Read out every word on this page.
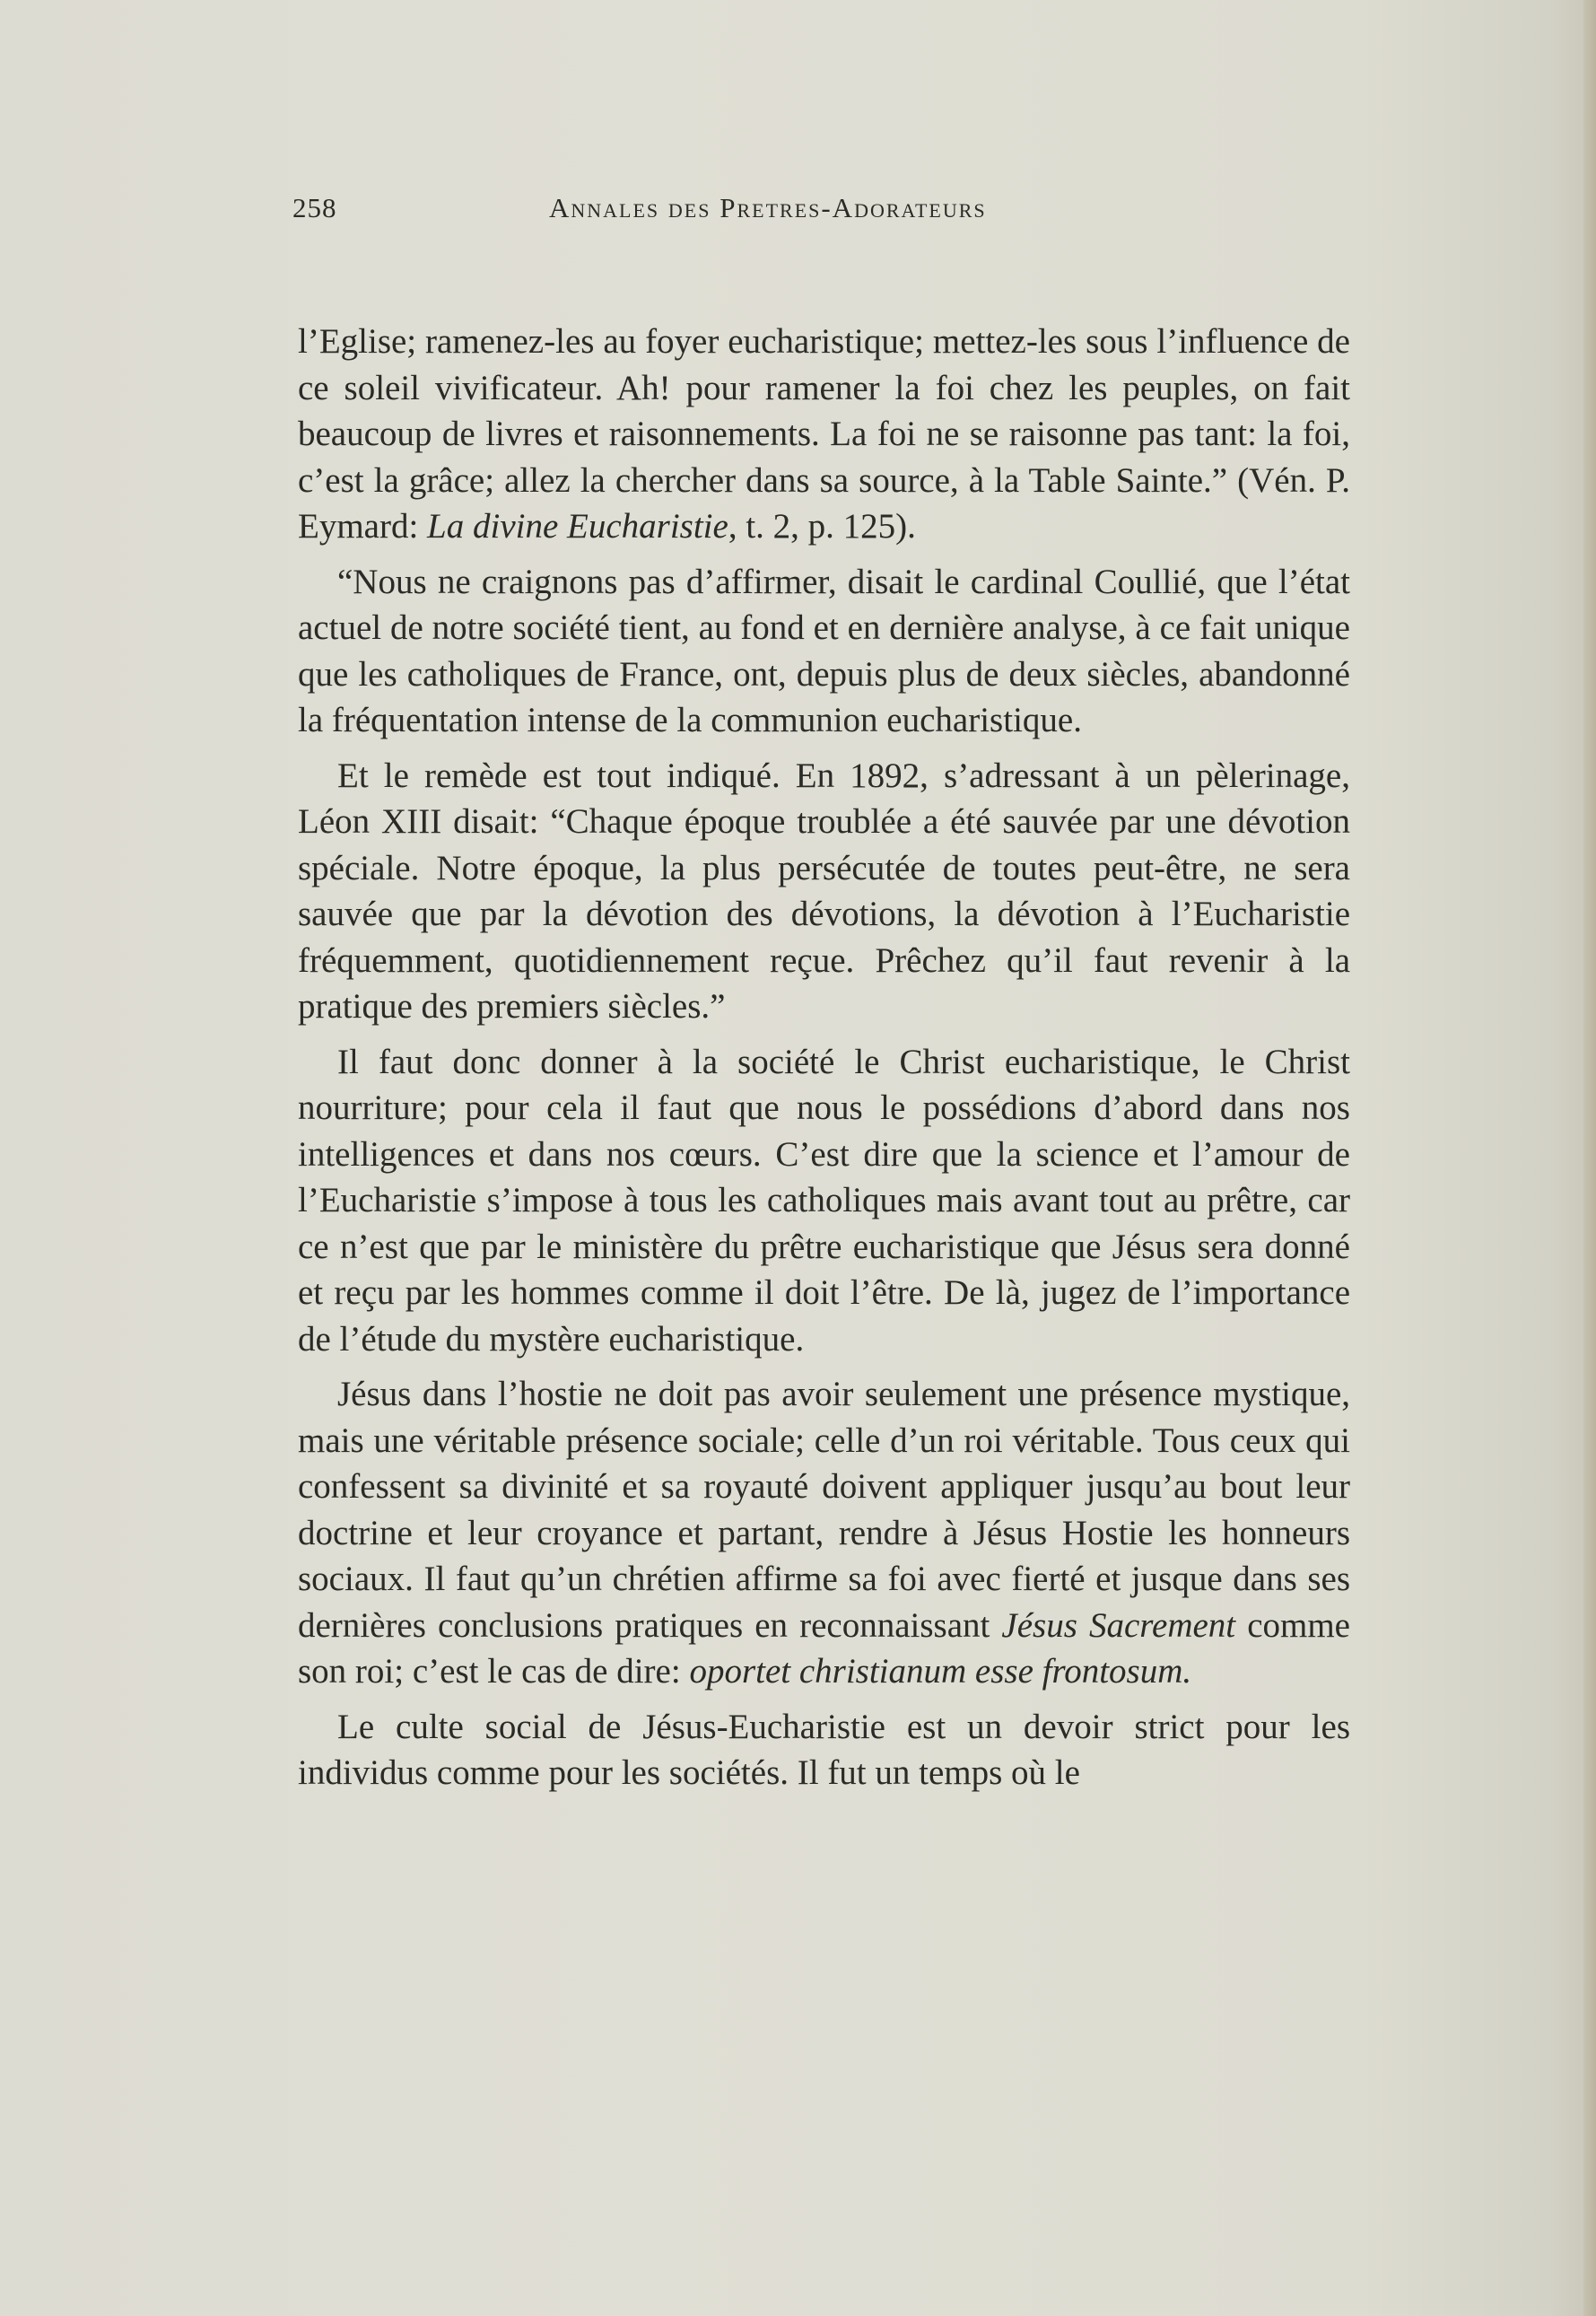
258	Annales des Pretres-Adorateurs

l’Eglise; ramenez-les au foyer eucharistique; mettez-les sous l’influence de ce soleil vivificateur. Ah! pour ramener la foi chez les peuples, on fait beaucoup de livres et raisonnements. La foi ne se raisonne pas tant: la foi, c’est la grâce; allez la chercher dans sa source, à la Table Sainte.” (Vén. P. Eymard: La divine Eucharistie, t. 2, p. 125).

“Nous ne craignons pas d’affirmer, disait le cardinal Coullié, que l’état actuel de notre société tient, au fond et en dernière analyse, à ce fait unique que les catholiques de France, ont, depuis plus de deux siècles, abandonné la fréquentation intense de la communion eucharistique.

Et le remède est tout indiqué. En 1892, s’adressant à un pèlerinage, Léon XIII disait: “Chaque époque troublée a été sauvée par une dévotion spéciale. Notre époque, la plus persécutée de toutes peut-être, ne sera sauvée que par la dévotion des dévotions, la dévotion à l’Eucharistie fréquemment, quotidiennement reçue. Prêchez qu’il faut revenir à la pratique des premiers siècles.”

Il faut donc donner à la société le Christ eucharistique, le Christ nourriture; pour cela il faut que nous le possédions d’abord dans nos intelligences et dans nos cœurs. C’est dire que la science et l’amour de l’Eucharistie s’impose à tous les catholiques mais avant tout au prêtre, car ce n’est que par le ministère du prêtre eucharistique que Jésus sera donné et reçu par les hommes comme il doit l’être. De là, jugez de l’importance de l’étude du mystère eucharistique.

Jésus dans l’hostie ne doit pas avoir seulement une présence mystique, mais une véritable présence sociale; celle d’un roi véritable. Tous ceux qui confessent sa divinité et sa royauté doivent appliquer jusqu’au bout leur doctrine et leur croyance et partant, rendre à Jésus Hostie les honneurs sociaux. Il faut qu’un chrétien affirme sa foi avec fierté et jusque dans ses dernières conclusions pratiques en reconnaissant Jésus Sacrement comme son roi; c’est le cas de dire: oportet christianum esse frontosum.

Le culte social de Jésus-Eucharistie est un devoir strict pour les individus comme pour les sociétés. Il fut un temps où le
